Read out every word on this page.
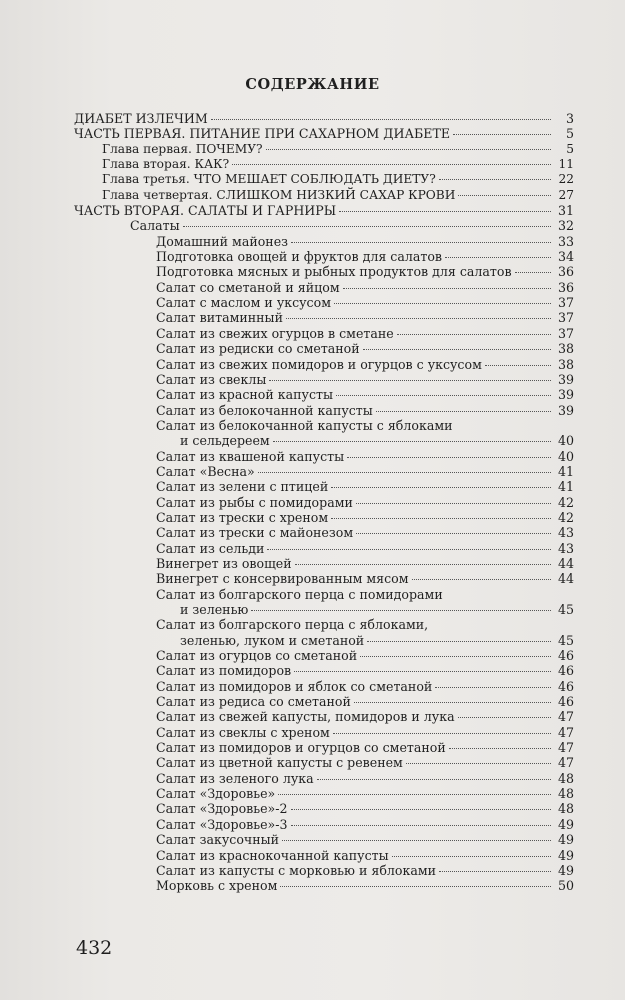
СОДЕРЖАНИЕ
ДИАБЕТ ИЗЛЕЧИМ	3
ЧАСТЬ ПЕРВАЯ. ПИТАНИЕ ПРИ САХАРНОМ ДИАБЕТЕ	5
Глава первая. ПОЧЕМУ?	5
Глава вторая. КАК?	11
Глава третья. ЧТО МЕШАЕТ СОБЛЮДАТЬ ДИЕТУ?	22
Глава четвертая. СЛИШКОМ НИЗКИЙ САХАР КРОВИ	27
ЧАСТЬ ВТОРАЯ. САЛАТЫ И ГАРНИРЫ	31
Салаты	32
Домашний майонез	33
Подготовка овощей и фруктов для салатов	34
Подготовка мясных и рыбных продуктов для салатов	36
Салат со сметаной и яйцом	36
Салат с маслом и уксусом	37
Салат витаминный	37
Салат из свежих огурцов в сметане	37
Салат из редиски со сметаной	38
Салат из свежих помидоров и огурцов с уксусом	38
Салат из свеклы	39
Салат из красной капусты	39
Салат из белокочанной капусты	39
Салат из белокочанной капусты с яблоками
и сельдереем	40
Салат из квашеной капусты	40
Салат «Весна»	41
Салат из зелени с птицей	41
Салат из рыбы с помидорами	42
Салат из трески с хреном	42
Салат из трески с майонезом	43
Салат из сельди	43
Винегрет из овощей	44
Винегрет с консервированным мясом	44
Салат из болгарского перца с помидорами
и зеленью	45
Салат из болгарского перца с яблоками,
зеленью, луком и сметаной	45
Салат из огурцов со сметаной	46
Салат из помидоров	46
Салат из помидоров и яблок со сметаной	46
Салат из редиса со сметаной	46
Салат из свежей капусты, помидоров и лука	47
Салат из свеклы с хреном	47
Салат из помидоров и огурцов со сметаной	47
Салат из цветной капусты с ревенем	47
Салат из зеленого лука	48
Салат «Здоровье»	48
Салат «Здоровье»-2	48
Салат «Здоровье»-3	49
Салат закусочный	49
Салат из краснокочанной капусты	49
Салат из капусты с морковью и яблоками	49
Морковь с хреном	50
432
